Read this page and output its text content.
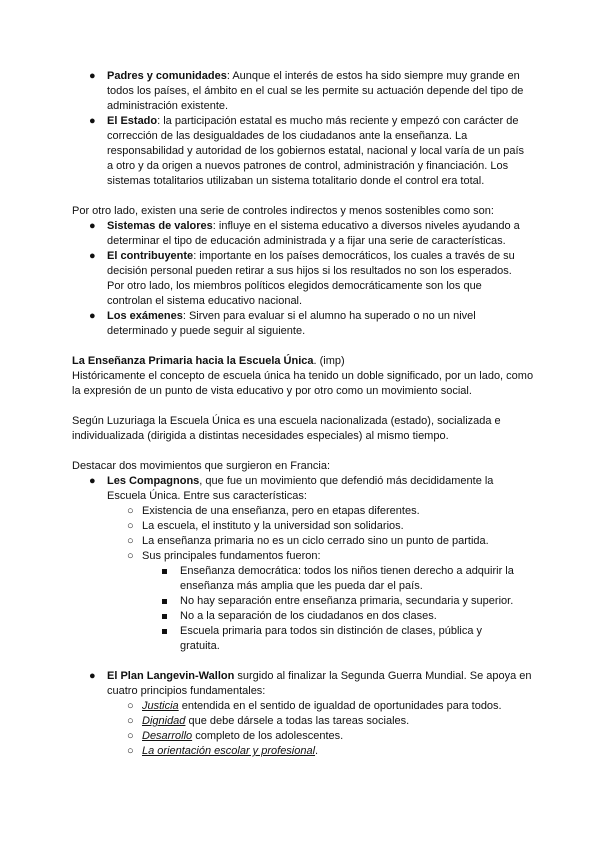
● Padres y comunidades: Aunque el interés de estos ha sido siempre muy grande en todos los países, el ámbito en el cual se les permite su actuación depende del tipo de administración existente.
● El Estado: la participación estatal es mucho más reciente y empezó con carácter de corrección de las desigualdades de los ciudadanos ante la enseñanza. La responsabilidad y autoridad de los gobiernos estatal, nacional y local varía de un país a otro y da origen a nuevos patrones de control, administración y financiación. Los sistemas totalitarios utilizaban un sistema totalitario donde el control era total.

Por otro lado, existen una serie de controles indirectos y menos sostenibles como son:

● Sistemas de valores: influye en el sistema educativo a diversos niveles ayudando a determinar el tipo de educación administrada y a fijar una serie de características.
● El contribuyente: importante en los países democráticos, los cuales a través de su decisión personal pueden retirar a sus hijos si los resultados no son los esperados. Por otro lado, los miembros políticos elegidos democráticamente son los que controlan el sistema educativo nacional.
● Los exámenes: Sirven para evaluar si el alumno ha superado o no un nivel determinado y puede seguir al siguiente.

La Enseñanza Primaria hacia la Escuela Única. (imp)

Históricamente el concepto de escuela única ha tenido un doble significado, por un lado, como la expresión de un punto de vista educativo y por otro como un movimiento social.

Según Luzuriaga la Escuela Única es una escuela nacionalizada (estado), socializada e individualizada (dirigida a distintas necesidades especiales) al mismo tiempo.

Destacar dos movimientos que surgieron en Francia:

● Les Compagnons, que fue un movimiento que defendió más decididamente la Escuela Única. Entre sus características:
○ Existencia de una enseñanza, pero en etapas diferentes.
○ La escuela, el instituto y la universidad son solidarios.
○ La enseñanza primaria no es un ciclo cerrado sino un punto de partida.
○ Sus principales fundamentos fueron:
Enseñanza democrática: todos los niños tienen derecho a adquirir la enseñanza más amplia que les pueda dar el país.
No hay separación entre enseñanza primaria, secundaria y superior.
No a la separación de los ciudadanos en dos clases.
Escuela primaria para todos sin distinción de clases, pública y gratuita.
● El Plan Langevin-Wallon surgido al finalizar la Segunda Guerra Mundial. Se apoya en cuatro principios fundamentales:
○ Justicia entendida en el sentido de igualdad de oportunidades para todos.
○ Dignidad que debe dársele a todas las tareas sociales.
○ Desarrollo completo de los adolescentes.
○ La orientación escolar y profesional.
